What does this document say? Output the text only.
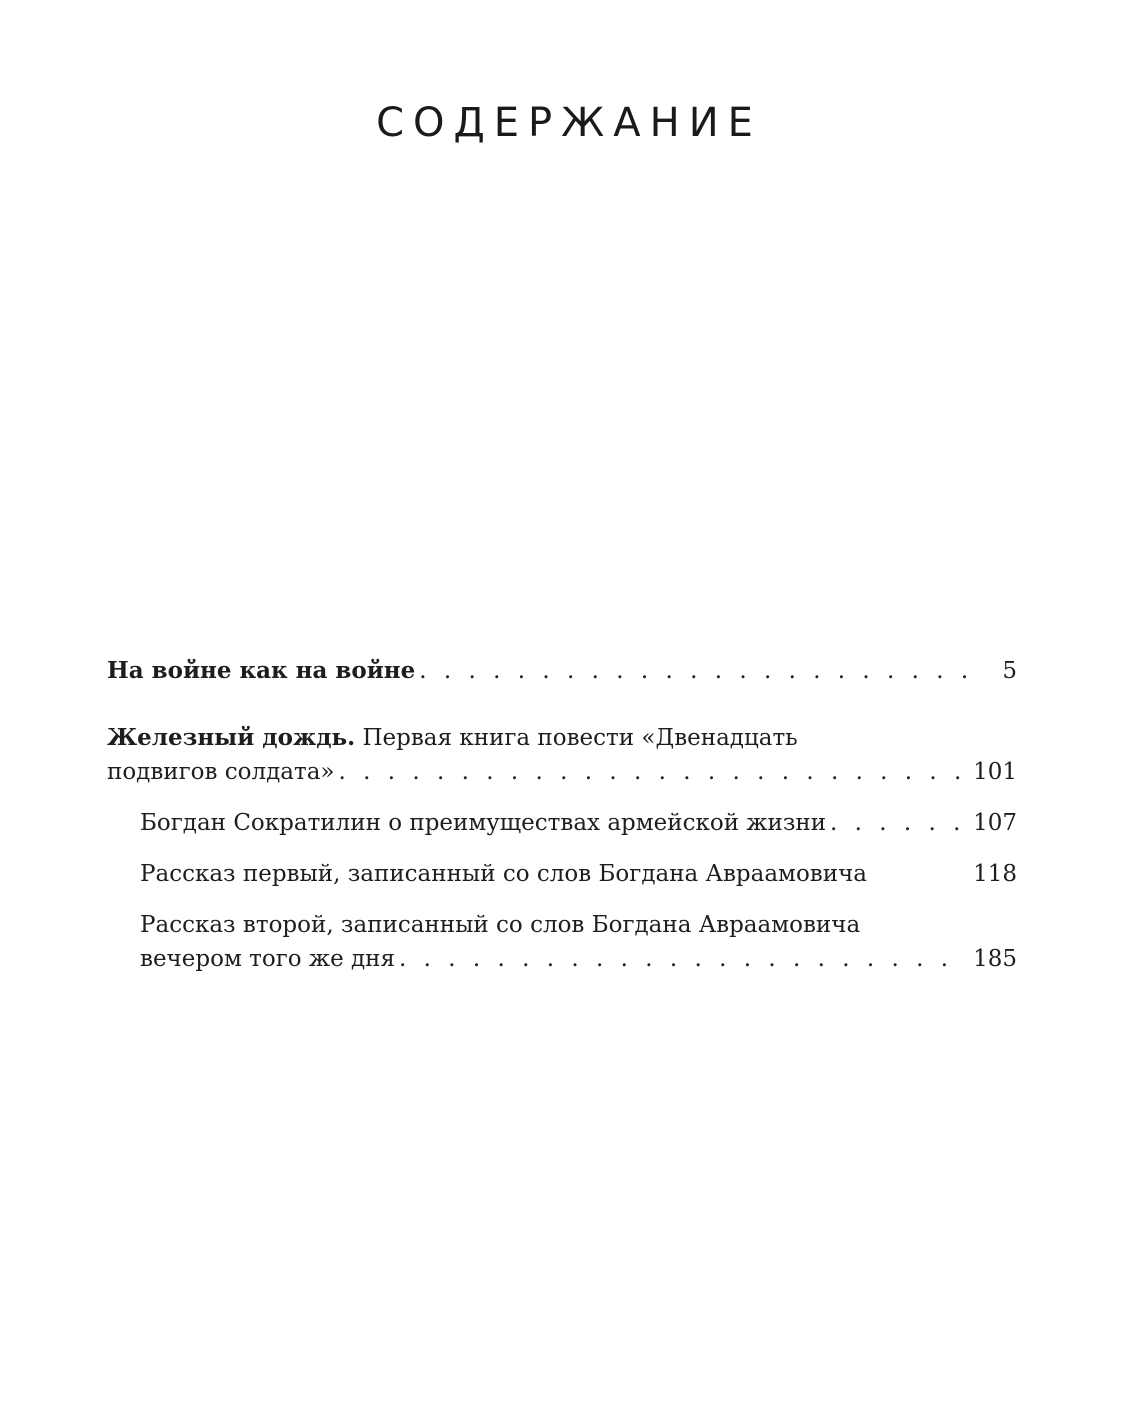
СОДЕРЖАНИЕ
На войне как на войне . . .	5
Железный дождь. Первая книга повести «Двенадцать
подвигов солдата» . . .	101
Богдан Сократилин о преимуществах армейской жизни . . .	107
Рассказ первый, записанный со слов Богдана Авраамовича	118
Рассказ второй, записанный со слов Богдана Авраамовича
вечером того же дня . . .	185
